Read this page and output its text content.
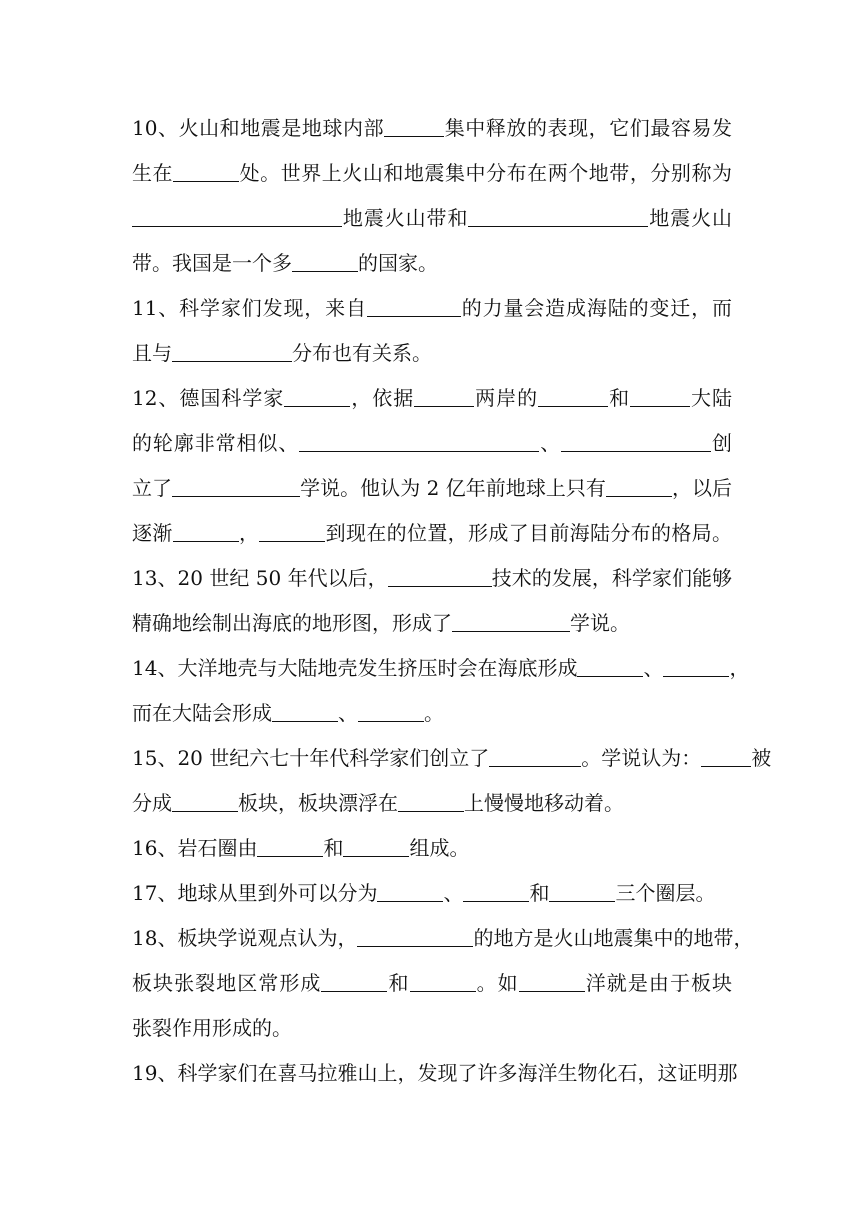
10、火山和地震是地球内部	集中释放的表现，它们最容易发
生在	处。世界上火山和地震集中分布在两个地带，分别称为
地震火山带和	地震火山
带。我国是一个多	的国家。
11、科学家们发现，来自	的力量会造成海陆的变迁，而
且与	分布也有关系。
12、德国科学家	，依据	两岸的	和	大陆
的轮廓非常相似、	、	创
立了	学说。他认为 2 亿年前地球上只有	，以后
逐渐	，	到现在的位置，形成了目前海陆分布的格局。
13、20 世纪 50 年代以后，	技术的发展，科学家们能够
精确地绘制出海底的地形图，形成了	学说。
14、大洋地壳与大陆地壳发生挤压时会在海底形成	、	，
而在大陆会形成	、	。
15、20 世纪六七十年代科学家们创立了	。学说认为：	被
分成	板块，板块漂浮在	上慢慢地移动着。
16、岩石圈由	和	组成。
17、地球从里到外可以分为	、	和	三个圈层。
18、板块学说观点认为，	的地方是火山地震集中的地带，
板块张裂地区常形成	和	。如	洋就是由于板块
张裂作用形成的。
19、科学家们在喜马拉雅山上，发现了许多海洋生物化石，这证明那
